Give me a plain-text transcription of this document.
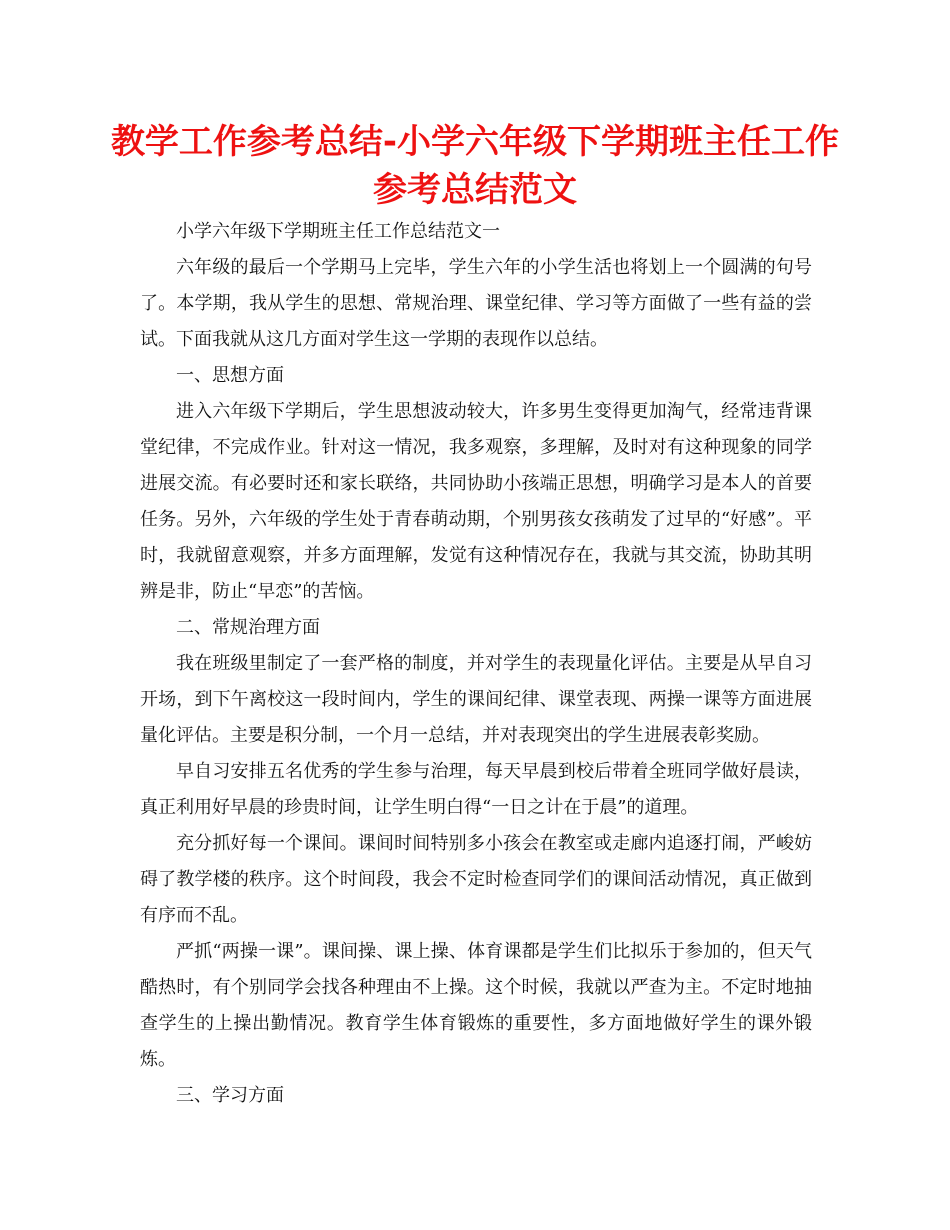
教学工作参考总结-小学六年级下学期班主任工作参考总结范文

小学六年级下学期班主任工作总结范文一

六年级的最后一个学期马上完毕，学生六年的小学生活也将划上一个圆满的句号了。本学期，我从学生的思想、常规治理、课堂纪律、学习等方面做了一些有益的尝试。下面我就从这几方面对学生这一学期的表现作以总结。

一、思想方面

进入六年级下学期后，学生思想波动较大，许多男生变得更加淘气，经常违背课堂纪律，不完成作业。针对这一情况，我多观察，多理解，及时对有这种现象的同学进展交流。有必要时还和家长联络，共同协助小孩端正思想，明确学习是本人的首要任务。另外，六年级的学生处于青春萌动期，个别男孩女孩萌发了过早的“好感”。平时，我就留意观察，并多方面理解，发觉有这种情况存在，我就与其交流，协助其明辨是非，防止“早恋”的苦恼。

二、常规治理方面

我在班级里制定了一套严格的制度，并对学生的表现量化评估。主要是从早自习开场，到下午离校这一段时间内，学生的课间纪律、课堂表现、两操一课等方面进展量化评估。主要是积分制，一个月一总结，并对表现突出的学生进展表彰奖励。

早自习安排五名优秀的学生参与治理，每天早晨到校后带着全班同学做好晨读，真正利用好早晨的珍贵时间，让学生明白得“一日之计在于晨”的道理。

充分抓好每一个课间。课间时间特别多小孩会在教室或走廊内追逐打闹，严峻妨碍了教学楼的秩序。这个时间段，我会不定时检查同学们的课间活动情况，真正做到有序而不乱。

严抓“两操一课”。课间操、课上操、体育课都是学生们比拟乐于参加的，但天气酷热时，有个别同学会找各种理由不上操。这个时候，我就以严查为主。不定时地抽查学生的上操出勤情况。教育学生体育锻炼的重要性，多方面地做好学生的课外锻炼。

三、学习方面
